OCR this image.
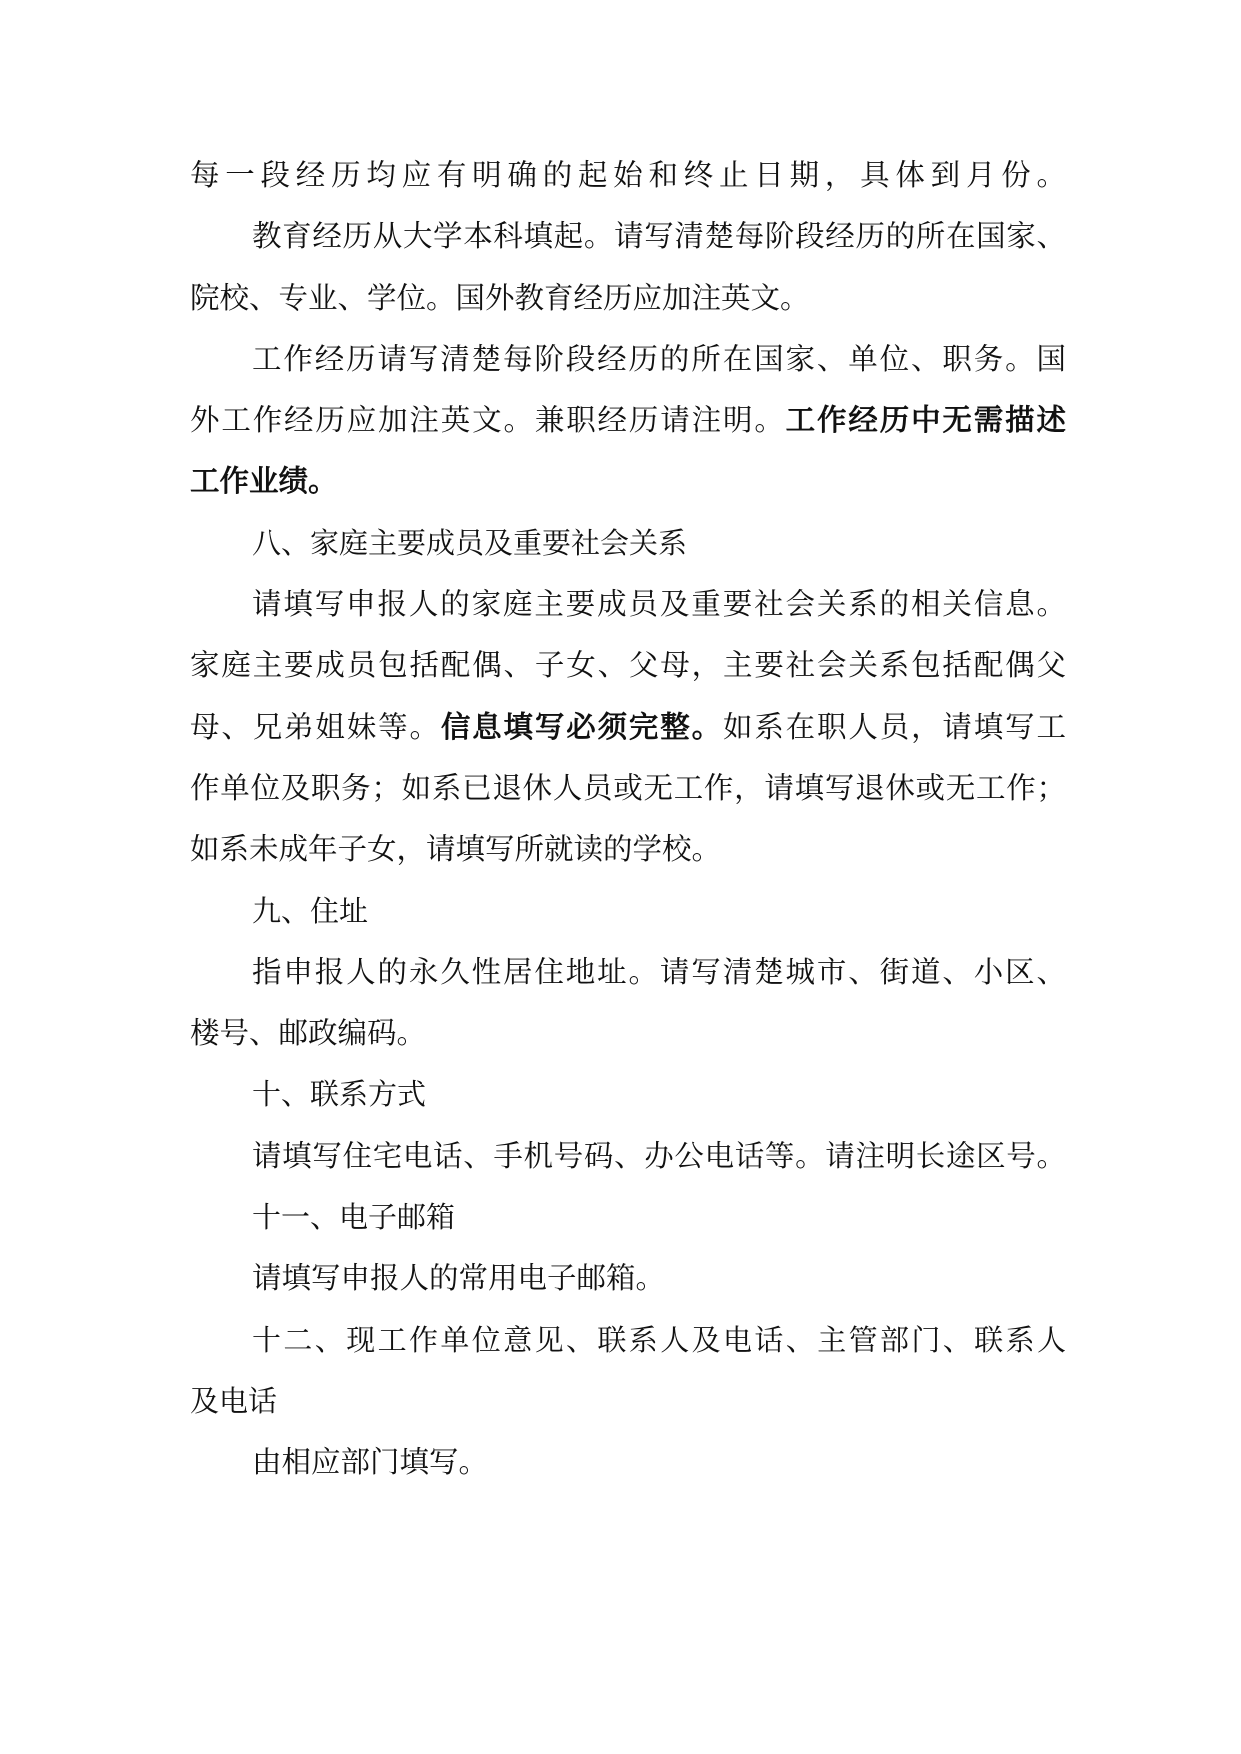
每一段经历均应有明确的起始和终止日期，具体到月份。
教育经历从大学本科填起。请写清楚每阶段经历的所在国家、
院校、专业、学位。国外教育经历应加注英文。
工作经历请写清楚每阶段经历的所在国家、单位、职务。国
外工作经历应加注英文。兼职经历请注明。工作经历中无需描述
工作业绩。
八、家庭主要成员及重要社会关系
请填写申报人的家庭主要成员及重要社会关系的相关信息。
家庭主要成员包括配偶、子女、父母，主要社会关系包括配偶父
母、兄弟姐妹等。信息填写必须完整。如系在职人员，请填写工
作单位及职务；如系已退休人员或无工作，请填写退休或无工作；
如系未成年子女，请填写所就读的学校。
九、住址
指申报人的永久性居住地址。请写清楚城市、街道、小区、
楼号、邮政编码。
十、联系方式
请填写住宅电话、手机号码、办公电话等。请注明长途区号。
十一、电子邮箱
请填写申报人的常用电子邮箱。
十二、现工作单位意见、联系人及电话、主管部门、联系人
及电话
由相应部门填写。
